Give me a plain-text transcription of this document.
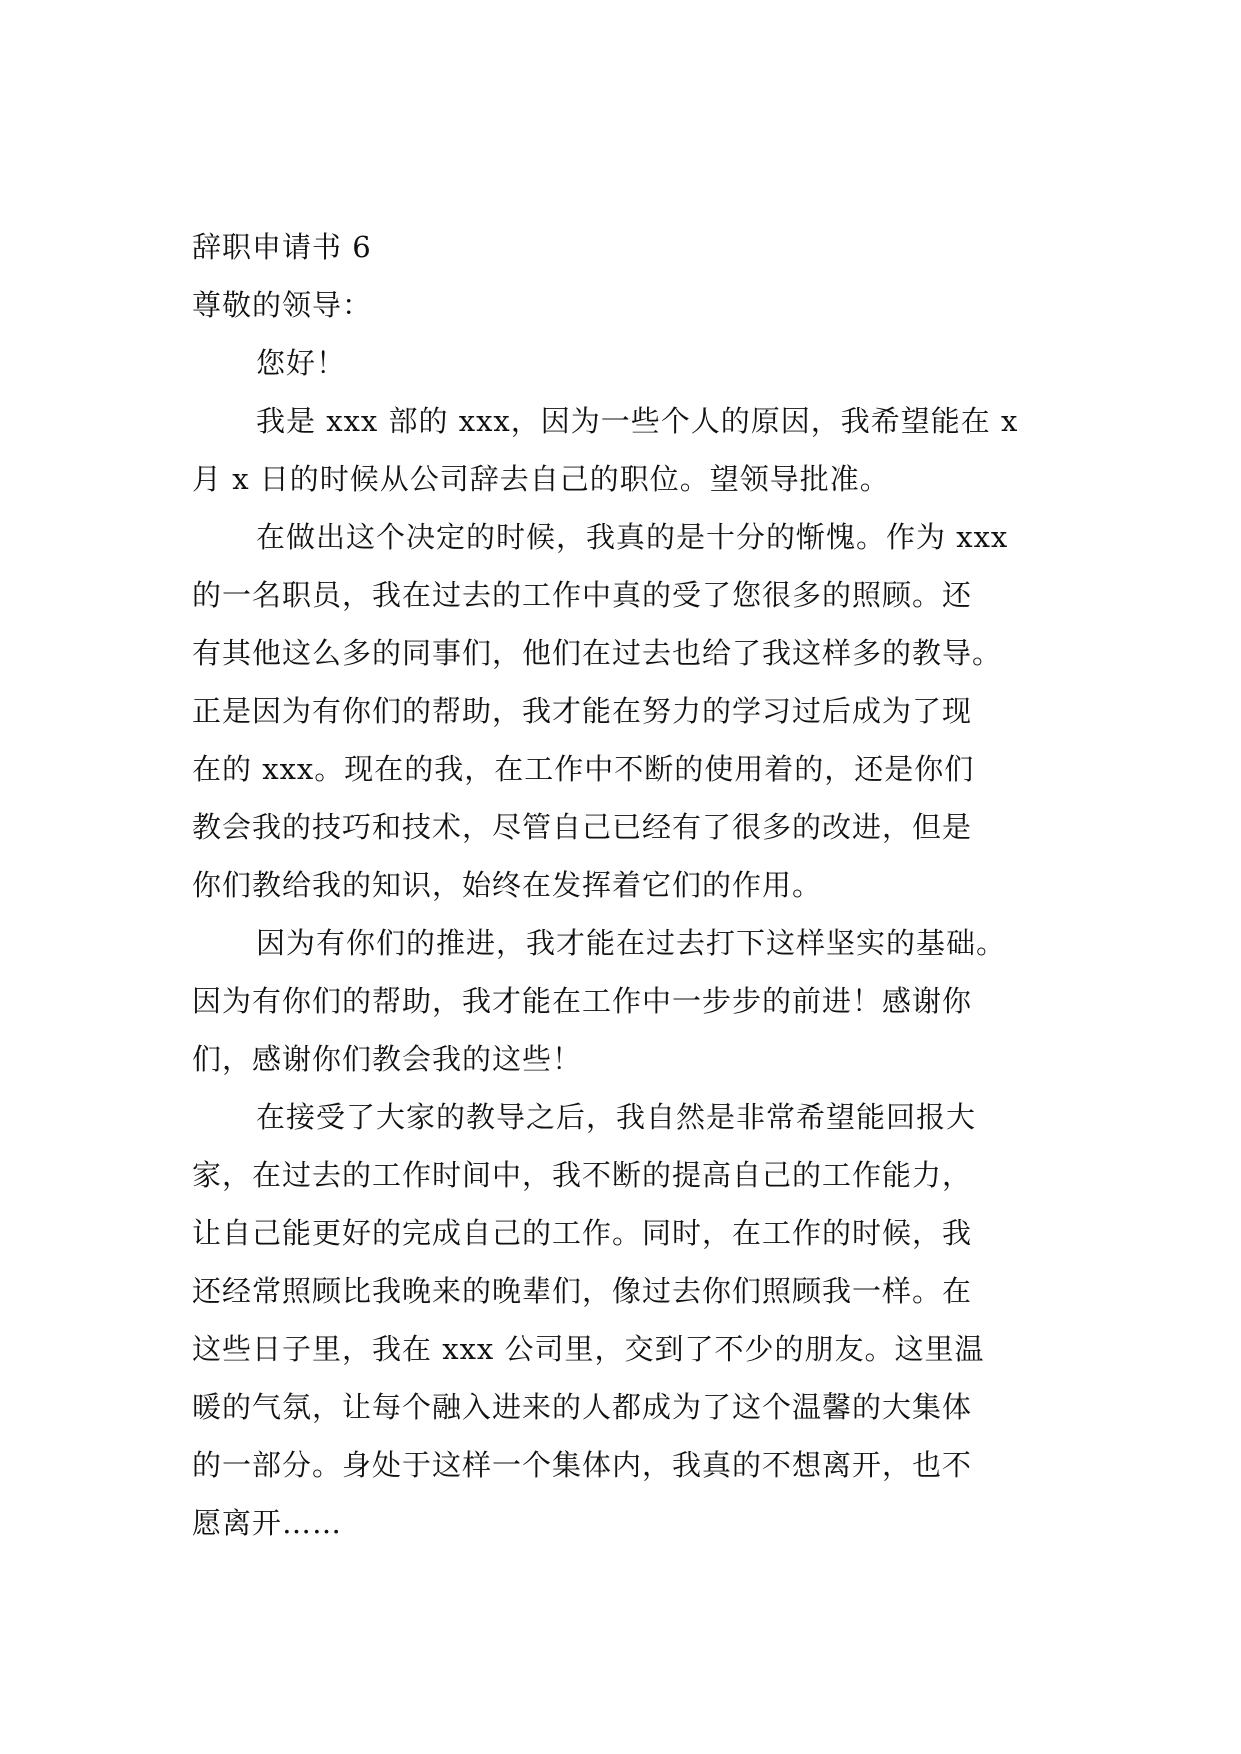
辞职申请书 6
尊敬的领导：
您好！
我是 xxx 部的 xxx，因为一些个人的原因，我希望能在 x
月 x 日的时候从公司辞去自己的职位。望领导批准。
在做出这个决定的时候，我真的是十分的惭愧。作为 xxx
的一名职员，我在过去的工作中真的受了您很多的照顾。还
有其他这么多的同事们，他们在过去也给了我这样多的教导。
正是因为有你们的帮助，我才能在努力的学习过后成为了现
在的 xxx。现在的我，在工作中不断的使用着的，还是你们
教会我的技巧和技术，尽管自己已经有了很多的改进，但是
你们教给我的知识，始终在发挥着它们的作用。
因为有你们的推进，我才能在过去打下这样坚实的基础。
因为有你们的帮助，我才能在工作中一步步的前进！感谢你
们，感谢你们教会我的这些！
在接受了大家的教导之后，我自然是非常希望能回报大
家，在过去的工作时间中，我不断的提高自己的工作能力，
让自己能更好的完成自己的工作。同时，在工作的时候，我
还经常照顾比我晚来的晚辈们，像过去你们照顾我一样。在
这些日子里，我在 xxx 公司里，交到了不少的朋友。这里温
暖的气氛，让每个融入进来的人都成为了这个温馨的大集体
的一部分。身处于这样一个集体内，我真的不想离开，也不
愿离开……
